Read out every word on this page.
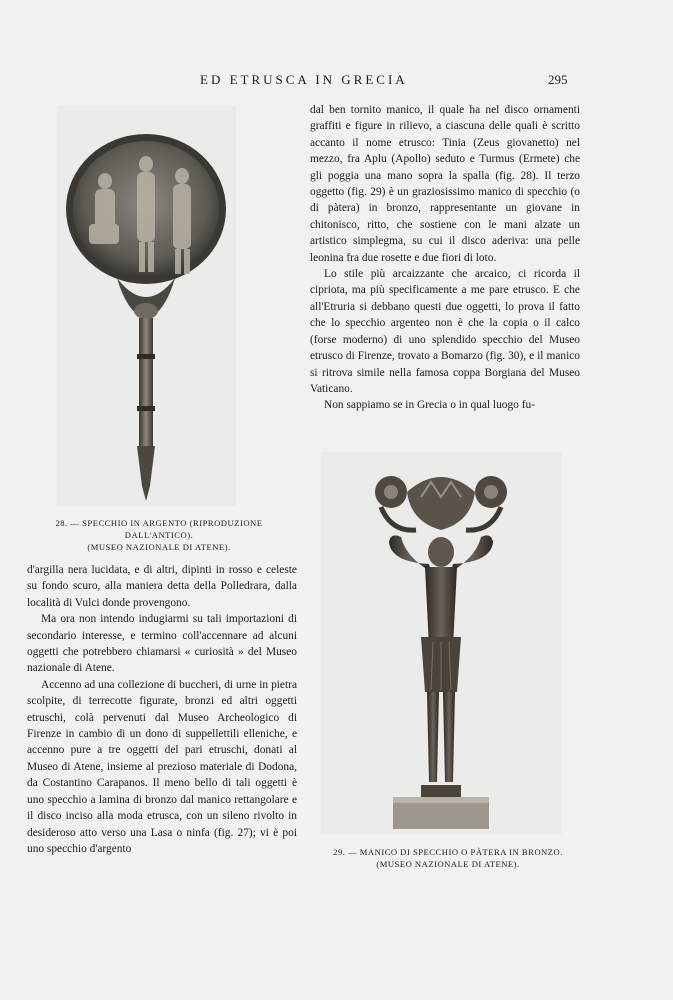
ED ETRUSCA IN GRECIA	295
28. — SPECCHIO IN ARGENTO (RIPRODUZIONE DALL'ANTICO).
(MUSEO NAZIONALE DI ATENE).

dal ben tornito manico, il quale ha nel disco ornamenti graffiti e figure in rilievo, a ciascuna delle quali è scritto accanto il nome etrusco: Tinia (Zeus giovanetto) nel mezzo, fra Aplu (Apollo) seduto e Turmus (Ermete) che gli poggia una mano sopra la spalla (fig. 28). Il terzo oggetto (fig. 29) è un graziosissimo manico di specchio (o di pàtera) in bronzo, rappresentante un giovane in chitonisco, ritto, che sostiene con le mani alzate un artistico simplegma, su cui il disco aderiva: una pelle leonina fra due rosette e due fiori di loto.

Lo stile più arcaizzante che arcaico, ci ricorda il cipriota, ma più specificamente a me pare etrusco. E che all'Etruria si debbano questi due oggetti, lo prova il fatto che lo specchio argenteo non è che la copia o il calco (forse moderno) di uno splendido specchio del Museo etrusco di Firenze, trovato a Bomarzo (fig. 30), e il manico si ritrova simile nella famosa coppa Borgiana del Museo Vaticano.

Non sappiamo se in Grecia o in qual luogo fu-

29. — MANICO DI SPECCHIO O PÀTERA IN BRONZO.
(MUSEO NAZIONALE DI ATENE).

d'argilla nera lucidata, e di altri, dipinti in rosso e celeste su fondo scuro, alla maniera detta della Polledrara, dalla località di Vulci donde provengono.

Ma ora non intendo indugiarmi su tali importazioni di secondario interesse, e termino coll'accennare ad alcuni oggetti che potrebbero chiamarsi « curiosità » del Museo nazionale di Atene.

Accenno ad una collezione di buccheri, di urne in pietra scolpite, di terrecotte figurate, bronzi ed altri oggetti etruschi, colà pervenuti dal Museo Archeologico di Firenze in cambio di un dono di suppellettili elleniche, e accenno pure a tre oggetti del pari etruschi, donati al Museo di Atene, insieme al prezioso materiale di Dodona, da Costantino Carapanos. Il meno bello di tali oggetti è uno specchio a lamina di bronzo dal manico rettangolare e il disco inciso alla moda etrusca, con un sileno rivolto in desideroso atto verso una Lasa o ninfa (fig. 27); vi è poi uno specchio d'argento
